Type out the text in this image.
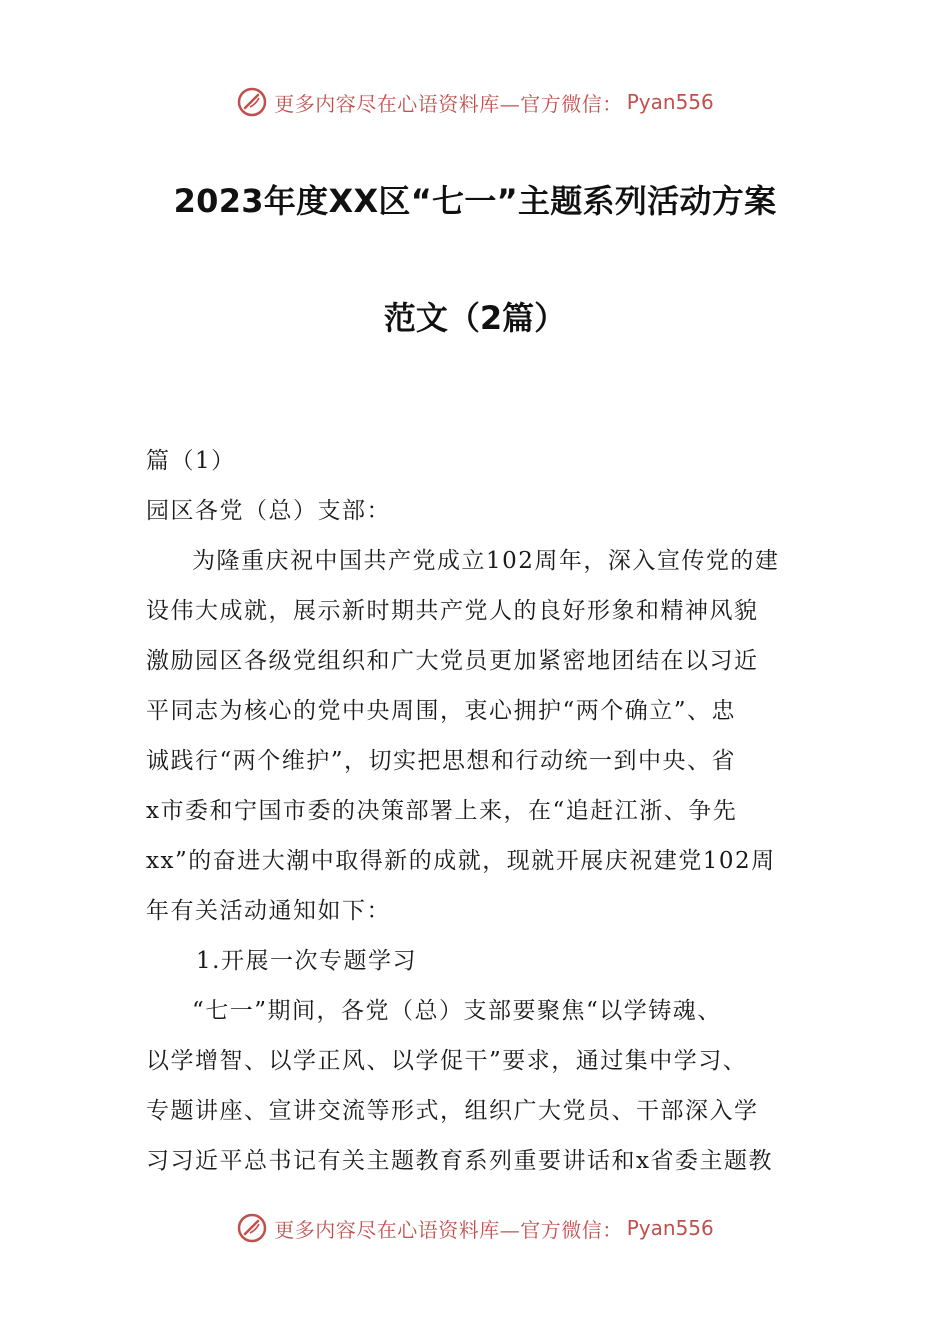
更多内容尽在心语资料库—官方微信： Pyan556
2023年度XX区“七一”主题系列活动方案
范文（2篇）

篇（1）

园区各党（总）支部：

为隆重庆祝中国共产党成立102周年，深入宣传党的建
设伟大成就，展示新时期共产党人的良好形象和精神风貌
激励园区各级党组织和广大党员更加紧密地团结在以习近
平同志为核心的党中央周围，衷心拥护“两个确立”、忠
诚践行“两个维护”，切实把思想和行动统一到中央、省
x市委和宁国市委的决策部署上来，在“追赶江浙、争先
xx”的奋进大潮中取得新的成就，现就开展庆祝建党102周
年有关活动通知如下：

1.开展一次专题学习

“七一”期间，各党（总）支部要聚焦“以学铸魂、
以学增智、以学正风、以学促干”要求，通过集中学习、
专题讲座、宣讲交流等形式，组织广大党员、干部深入学
习习近平总书记有关主题教育系列重要讲话和x省委主题教
更多内容尽在心语资料库—官方微信： Pyan556
